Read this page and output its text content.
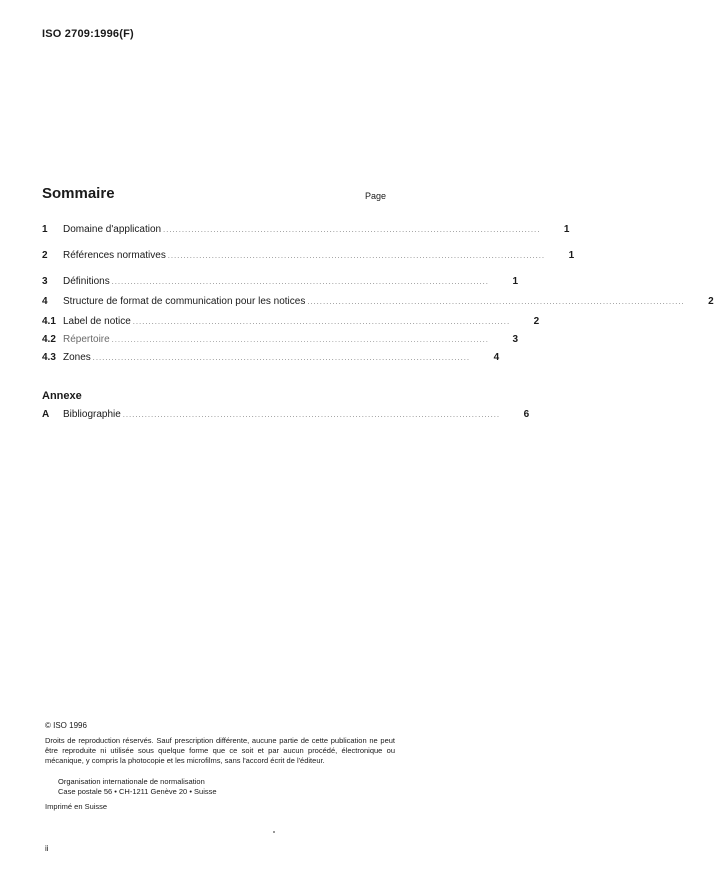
ISO 2709:1996(F)
Sommaire	Page
1	Domaine d'application ........................................................................................................................	1
2	Références normatives ........................................................................................................................	1
3	Définitions ........................................................................................................................	1
4	Structure de format de communication pour les notices ........................................................................................................................	2
4.1 Label de notice ........................................................................................................................	2
4.2 Répertoire ........................................................................................................................	3
4.3 Zones ........................................................................................................................	4
Annexe
A	Bibliographie ........................................................................................................................	6
© ISO 1996
Droits de reproduction réservés. Sauf prescription différente, aucune partie de cette publication ne peut être reproduite ni utilisée sous quelque forme que ce soit et par aucun procédé, électronique ou mécanique, y compris la photocopie et les microfilms, sans l'accord écrit de l'éditeur.
Organisation internationale de normalisation
Case postale 56 • CH-1211 Genève 20 • Suisse
Imprimé en Suisse
ii
